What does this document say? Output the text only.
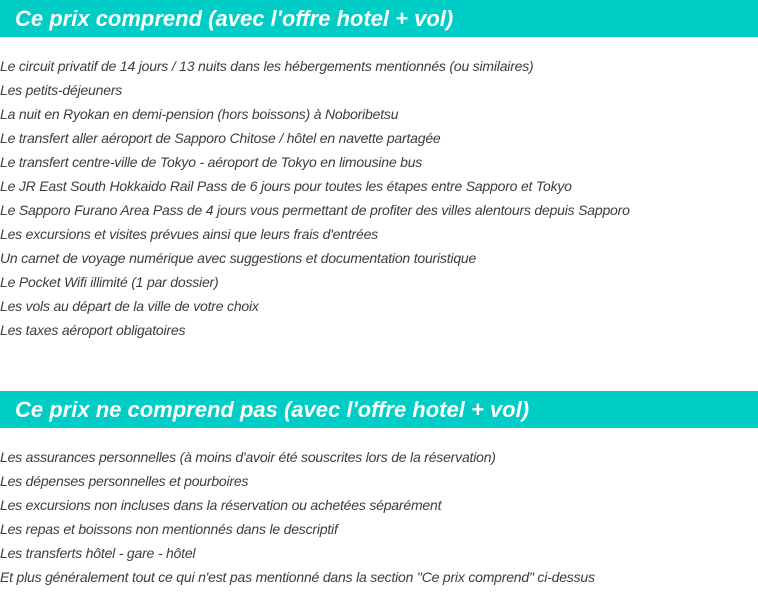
Ce prix comprend (avec l'offre hotel + vol)
Le circuit privatif de 14 jours / 13 nuits dans les hébergements mentionnés (ou similaires)
Les petits-déjeuners
La nuit en Ryokan en demi-pension (hors boissons) à Noboribetsu
Le transfert aller aéroport de Sapporo Chitose / hôtel en navette partagée
Le transfert centre-ville de Tokyo - aéroport de Tokyo en limousine bus
Le JR East South Hokkaido Rail Pass de 6 jours pour toutes les étapes entre Sapporo et Tokyo
Le Sapporo Furano Area Pass de 4 jours vous permettant de profiter des villes alentours depuis Sapporo
Les excursions et visites prévues ainsi que leurs frais d'entrées
Un carnet de voyage numérique avec suggestions et documentation touristique
Le Pocket Wifi illimité (1 par dossier)
Les vols au départ de la ville de votre choix
Les taxes aéroport obligatoires
Ce prix ne comprend pas (avec l'offre hotel + vol)
Les assurances personnelles (à moins d'avoir été souscrites lors de la réservation)
Les dépenses personnelles et pourboires
Les excursions non incluses dans la réservation ou achetées séparément
Les repas et boissons non mentionnés dans le descriptif
Les transferts hôtel - gare - hôtel
Et plus généralement tout ce qui n'est pas mentionné dans la section "Ce prix comprend" ci-dessus
